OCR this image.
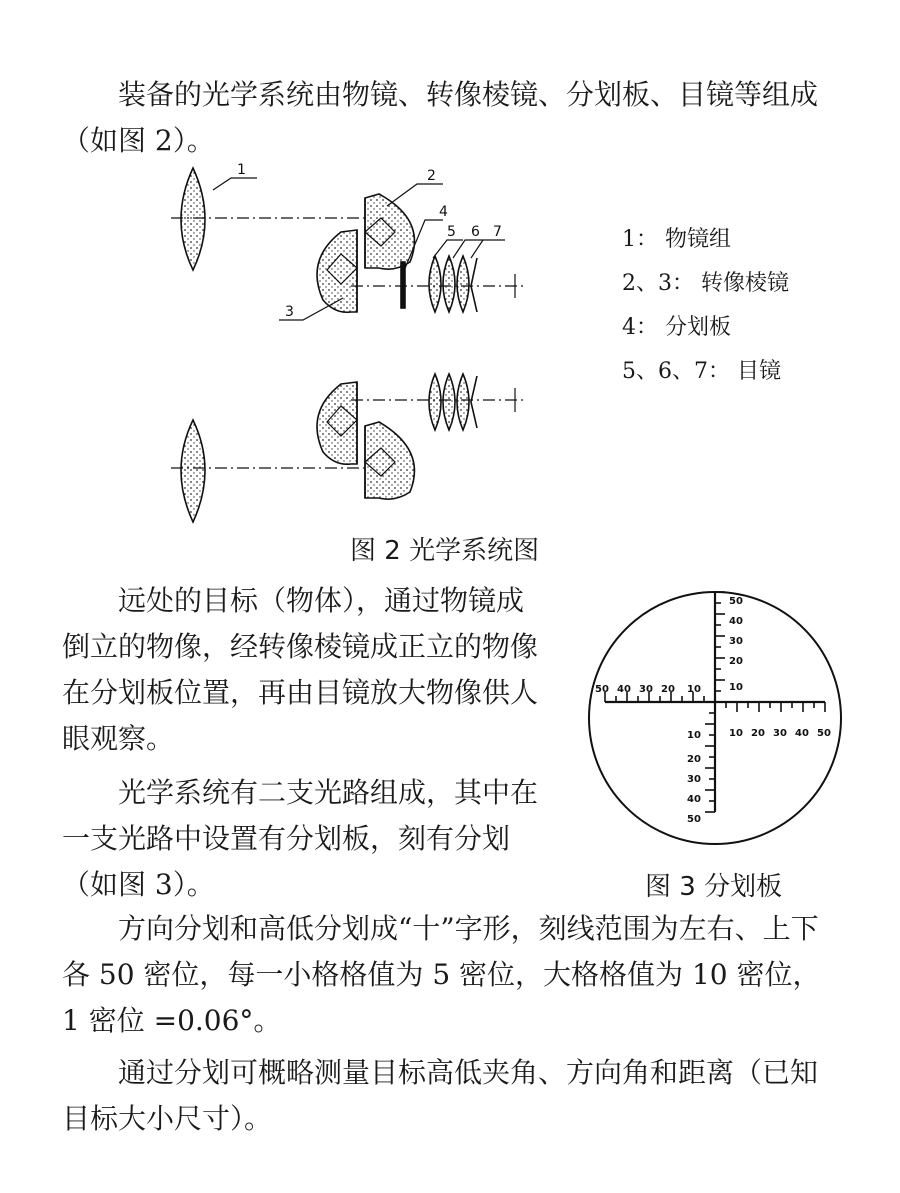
装备的光学系统由物镜、转像棱镜、分划板、目镜等组成（如图 2）。

1	2
4
3
5 6 7	1： 物镜组
2、3： 转像棱镜
4： 分划板
5、6、7： 目镜
图 2 光学系统图

远处的目标（物体），通过物镜成倒立的物像，经转像棱镜成正立的物像在分划板位置，再由目镜放大物像供人眼观察。

光学系统有二支光路组成，其中在一支光路中设置有分划板，刻有分划（如图 3）。

50
40
30
20
10
50 40 30 20 10
10 20 30 40 50
10
20
30
40
50
图 3 分划板

方向分划和高低分划成“十”字形，刻线范围为左右、上下各 50 密位，每一小格格值为 5 密位，大格格值为 10 密位，1 密位 =0.06°。

通过分划可概略测量目标高低夹角、方向角和距离（已知目标大小尺寸）。
